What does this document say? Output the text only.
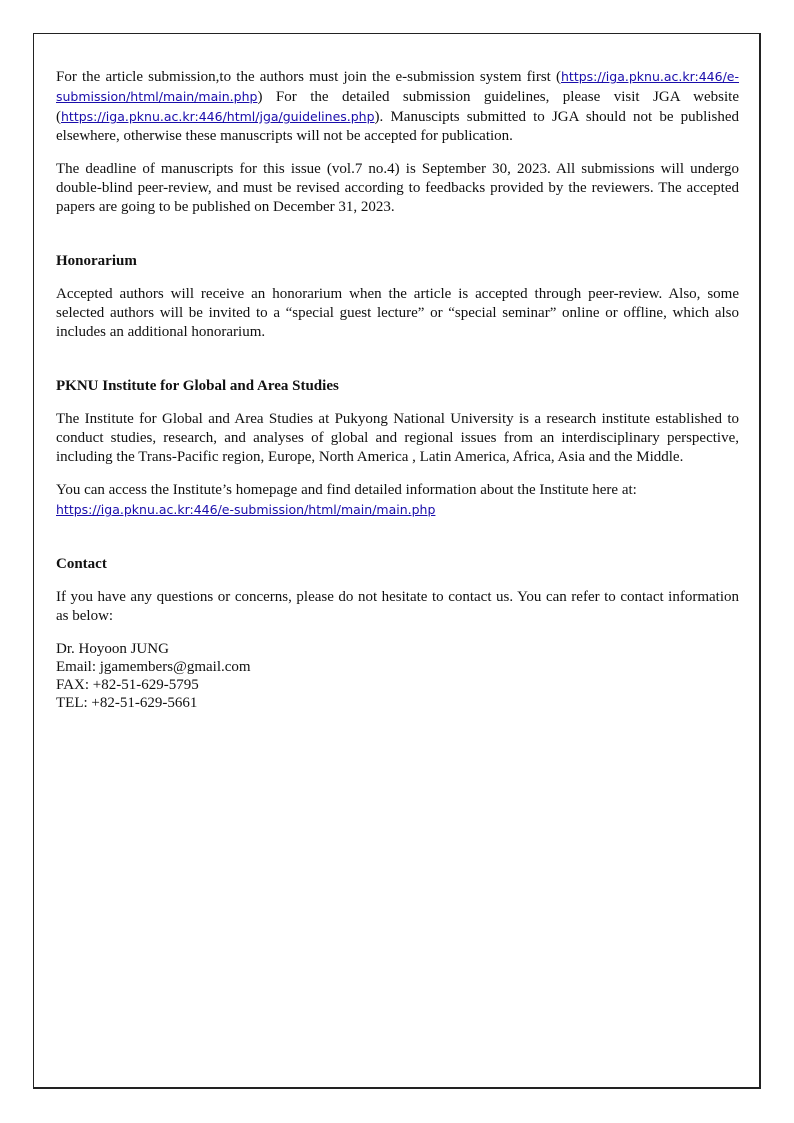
For the article submission,to the authors must join the e-submission system first (https://iga.pknu.ac.kr:446/e-submission/html/main/main.php) For the detailed submission guidelines, please visit JGA website (https://iga.pknu.ac.kr:446/html/jga/guidelines.php). Manuscipts submitted to JGA should not be published elsewhere, otherwise these manuscripts will not be accepted for publication.

The deadline of manuscripts for this issue (vol.7 no.4) is September 30, 2023. All submissions will undergo double-blind peer-review, and must be revised according to feedbacks provided by the reviewers. The accepted papers are going to be published on December 31, 2023.

Honorarium

Accepted authors will receive an honorarium when the article is accepted through peer-review. Also, some selected authors will be invited to a “special guest lecture” or “special seminar” online or offline, which also includes an additional honorarium.

PKNU Institute for Global and Area Studies

The Institute for Global and Area Studies at Pukyong National University is a research institute established to conduct studies, research, and analyses of global and regional issues from an interdisciplinary perspective, including the Trans-Pacific region, Europe, North America , Latin America, Africa, Asia and the Middle.

You can access the Institute’s homepage and find detailed information about the Institute here at:
https://iga.pknu.ac.kr:446/e-submission/html/main/main.php

Contact

If you have any questions or concerns, please do not hesitate to contact us. You can refer to contact information as below:

Dr. Hoyoon JUNG
Email: jgamembers@gmail.com
FAX: +82-51-629-5795
TEL: +82-51-629-5661
